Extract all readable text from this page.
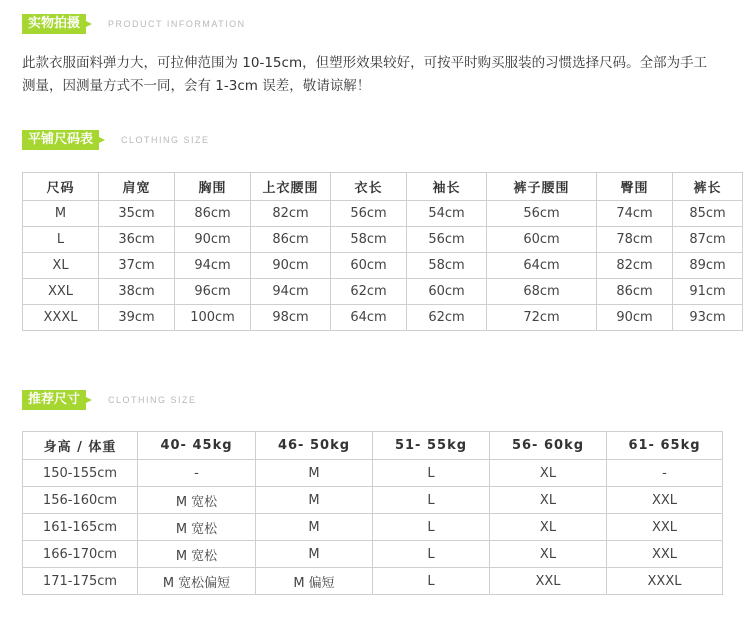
实物拍摄	PRODUCT INFORMATION
此款衣服面料弹力大，可拉伸范围为 10-15cm，但塑形效果较好，可按平时购买服装的习惯选择尺码。全部为手工
测量，因测量方式不一同，会有 1-3cm 误差，敬请谅解！
平铺尺码表	CLOTHING SIZE
尺码	肩宽	胸围	上衣腰围	衣长	袖长	裤子腰围	臀围	裤长
M	35cm	86cm	82cm	56cm	54cm	56cm	74cm	85cm
L	36cm	90cm	86cm	58cm	56cm	60cm	78cm	87cm
XL	37cm	94cm	90cm	60cm	58cm	64cm	82cm	89cm
XXL	38cm	96cm	94cm	62cm	60cm	68cm	86cm	91cm
XXXL	39cm	100cm	98cm	64cm	62cm	72cm	90cm	93cm
推荐尺寸	CLOTHING SIZE
身高 / 体重	40- 45kg	46- 50kg	51- 55kg	56- 60kg	61- 65kg
150-155cm	-	M	L	XL	-
156-160cm	M 宽松	M	L	XL	XXL
161-165cm	M 宽松	M	L	XL	XXL
166-170cm	M 宽松	M	L	XL	XXL
171-175cm	M 宽松偏短	M 偏短	L	XXL	XXXL
